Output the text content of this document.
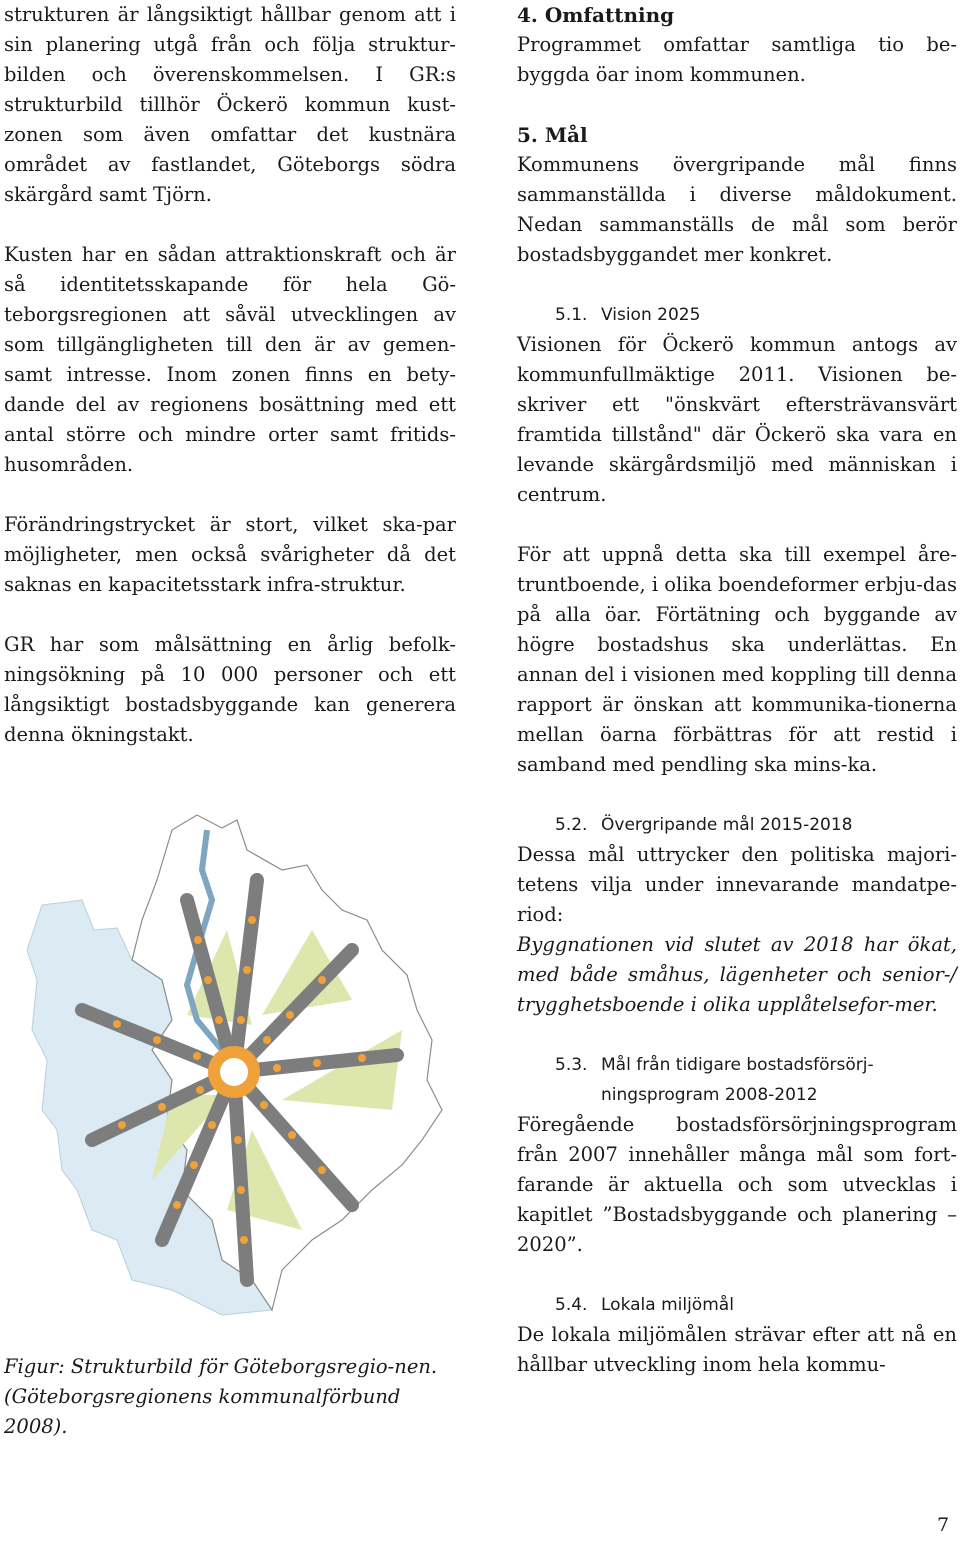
strukturen är långsiktigt hållbar genom att i sin planering utgå från och följa struktur-bilden och överenskommelsen. I GR:s strukturbild tillhör Öckerö kommun kust-zonen som även omfattar det kustnära området av fastlandet, Göteborgs södra skärgård samt Tjörn.

Kusten har en sådan attraktionskraft och är så identitetsskapande för hela Gö-teborgsregionen att såväl utvecklingen av som tillgängligheten till den är av gemen-samt intresse. Inom zonen finns en bety-dande del av regionens bosättning med ett antal större och mindre orter samt fritids-husområden.

Förändringstrycket är stort, vilket ska-par möjligheter, men också svårigheter då det saknas en kapacitetsstark infra-struktur.

GR har som målsättning en årlig befolk-ningsökning på 10 000 personer och ett långsiktigt bostadsbyggande kan generera denna ökningstakt.

Figur: Strukturbild för Göteborgsregio-nen.
(Göteborgsregionens kommunalförbund 2008).
4. Omfattning

Programmet omfattar samtliga tio be-byggda öar inom kommunen.

5. Mål

Kommunens övergripande mål finns sammanställda i diverse måldokument. Nedan sammanställs de mål som berör bostadsbyggandet mer konkret.

5.1. Vision 2025

Visionen för Öckerö kommun antogs av kommunfullmäktige 2011. Visionen be-skriver ett "önskvärt eftersträvansvärt framtida tillstånd" där Öckerö ska vara en levande skärgårdsmiljö med människan i centrum.

För att uppnå detta ska till exempel åre-truntboende, i olika boendeformer erbju-das på alla öar. Förtätning och byggande av högre bostadshus ska underlättas. En annan del i visionen med koppling till denna rapport är önskan att kommunika-tionerna mellan öarna förbättras för att restid i samband med pendling ska mins-ka.

5.2. Övergripande mål 2015-2018

Dessa mål uttrycker den politiska majori-tetens vilja under innevarande mandatpe-riod:

Byggnationen vid slutet av 2018 har ökat, med både småhus, lägenheter och senior-/ trygghetsboende i olika upplåtelsefor-mer.

5.3. Mål från tidigare bostadsförsörj-ningsprogram 2008-2012

Föregående bostadsförsörjningsprogram från 2007 innehåller många mål som fort-farande är aktuella och som utvecklas i kapitlet ”Bostadsbyggande och planering – 2020”.

5.4. Lokala miljömål

De lokala miljömålen strävar efter att nå en hållbar utveckling inom hela kommu-

7
